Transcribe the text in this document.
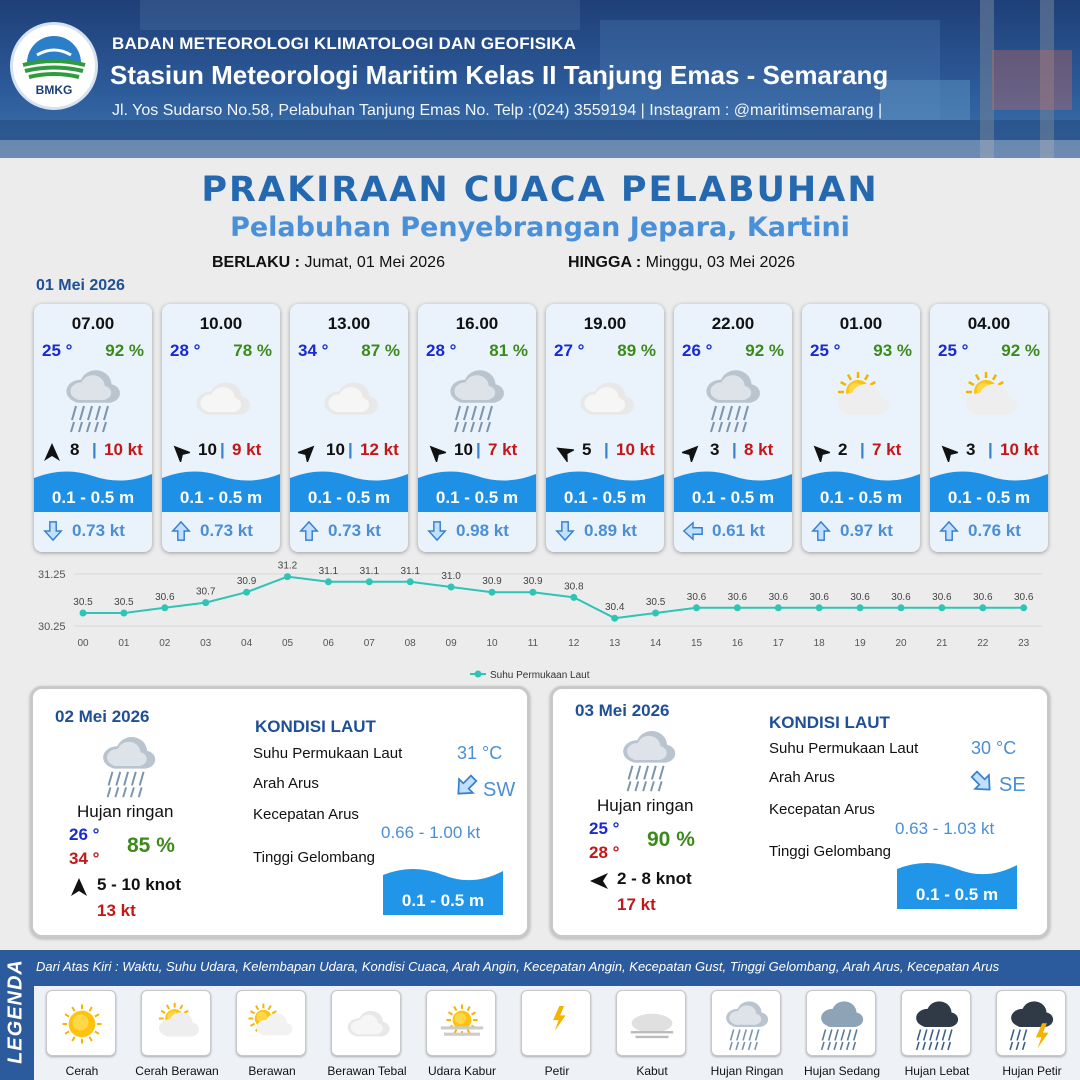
BMKG
BADAN METEOROLOGI KLIMATOLOGI DAN GEOFISIKA
Stasiun Meteorologi Maritim Kelas II Tanjung Emas - Semarang
Jl. Yos Sudarso No.58, Pelabuhan Tanjung Emas No. Telp :(024) 3559194 | Instagram : @maritimsemarang |
PRAKIRAAN CUACA PELABUHAN
Pelabuhan Penyebrangan Jepara, Kartini
BERLAKU : Jumat, 01 Mei 2026	HINGGA : Minggu, 03 Mei 2026
01 Mei 2026
07.00
25 ° 92 %
8 | 10 kt
0.1 - 0.5 m
0.73 kt
10.00
28 ° 78 %
10 | 9 kt
0.1 - 0.5 m
0.73 kt
13.00
34 ° 87 %
10 | 12 kt
0.1 - 0.5 m
0.73 kt
16.00
28 ° 81 %
10 | 7 kt
0.1 - 0.5 m
0.98 kt
19.00
27 ° 89 %
5 | 10 kt
0.1 - 0.5 m
0.89 kt
22.00
26 ° 92 %
3 | 8 kt
0.1 - 0.5 m
0.61 kt
01.00
25 ° 93 %
2 | 7 kt
0.1 - 0.5 m
0.97 kt
04.00
25 ° 92 %
3 | 10 kt
0.1 - 0.5 m
0.76 kt
31.25
30.25
30.5
00
30.5
01
30.6
02
30.7
03
30.9
04
31.2
05
31.1
06
31.1
07
31.1
08
31.0
09
30.9
10
30.9
11
30.8
12
30.4
13
30.5
14
30.6
15
30.6
16
30.6
17
30.6
18
30.6
19
30.6
20
30.6
21
30.6
22
30.6
23
Suhu Permukaan Laut
02 Mei 2026
Hujan ringan
26 °
34 °
85 %
5 - 10 knot
13 kt
KONDISI LAUT
Suhu Permukaan Laut	31 °C
Arah Arus	SW
Kecepatan Arus
0.66 - 1.00 kt
Tinggi Gelombang
0.1 - 0.5 m
03 Mei 2026
Hujan ringan
25 °
28 °
90 %
2 - 8 knot
17 kt
KONDISI LAUT
Suhu Permukaan Laut	30 °C
Arah Arus	SE
Kecepatan Arus
0.63 - 1.03 kt
Tinggi Gelombang
0.1 - 0.5 m
LEGENDA Dari Atas Kiri : Waktu, Suhu Udara, Kelembapan Udara, Kondisi Cuaca, Arah Angin, Kecepatan Angin, Kecepatan Gust, Tinggi Gelombang, Arah Arus, Kecepatan Arus
Cerah	Cerah Berawan	Berawan	Berawan Tebal	Udara Kabur	Petir	Kabut	Hujan Ringan	Hujan Sedang	Hujan Lebat	Hujan Petir
